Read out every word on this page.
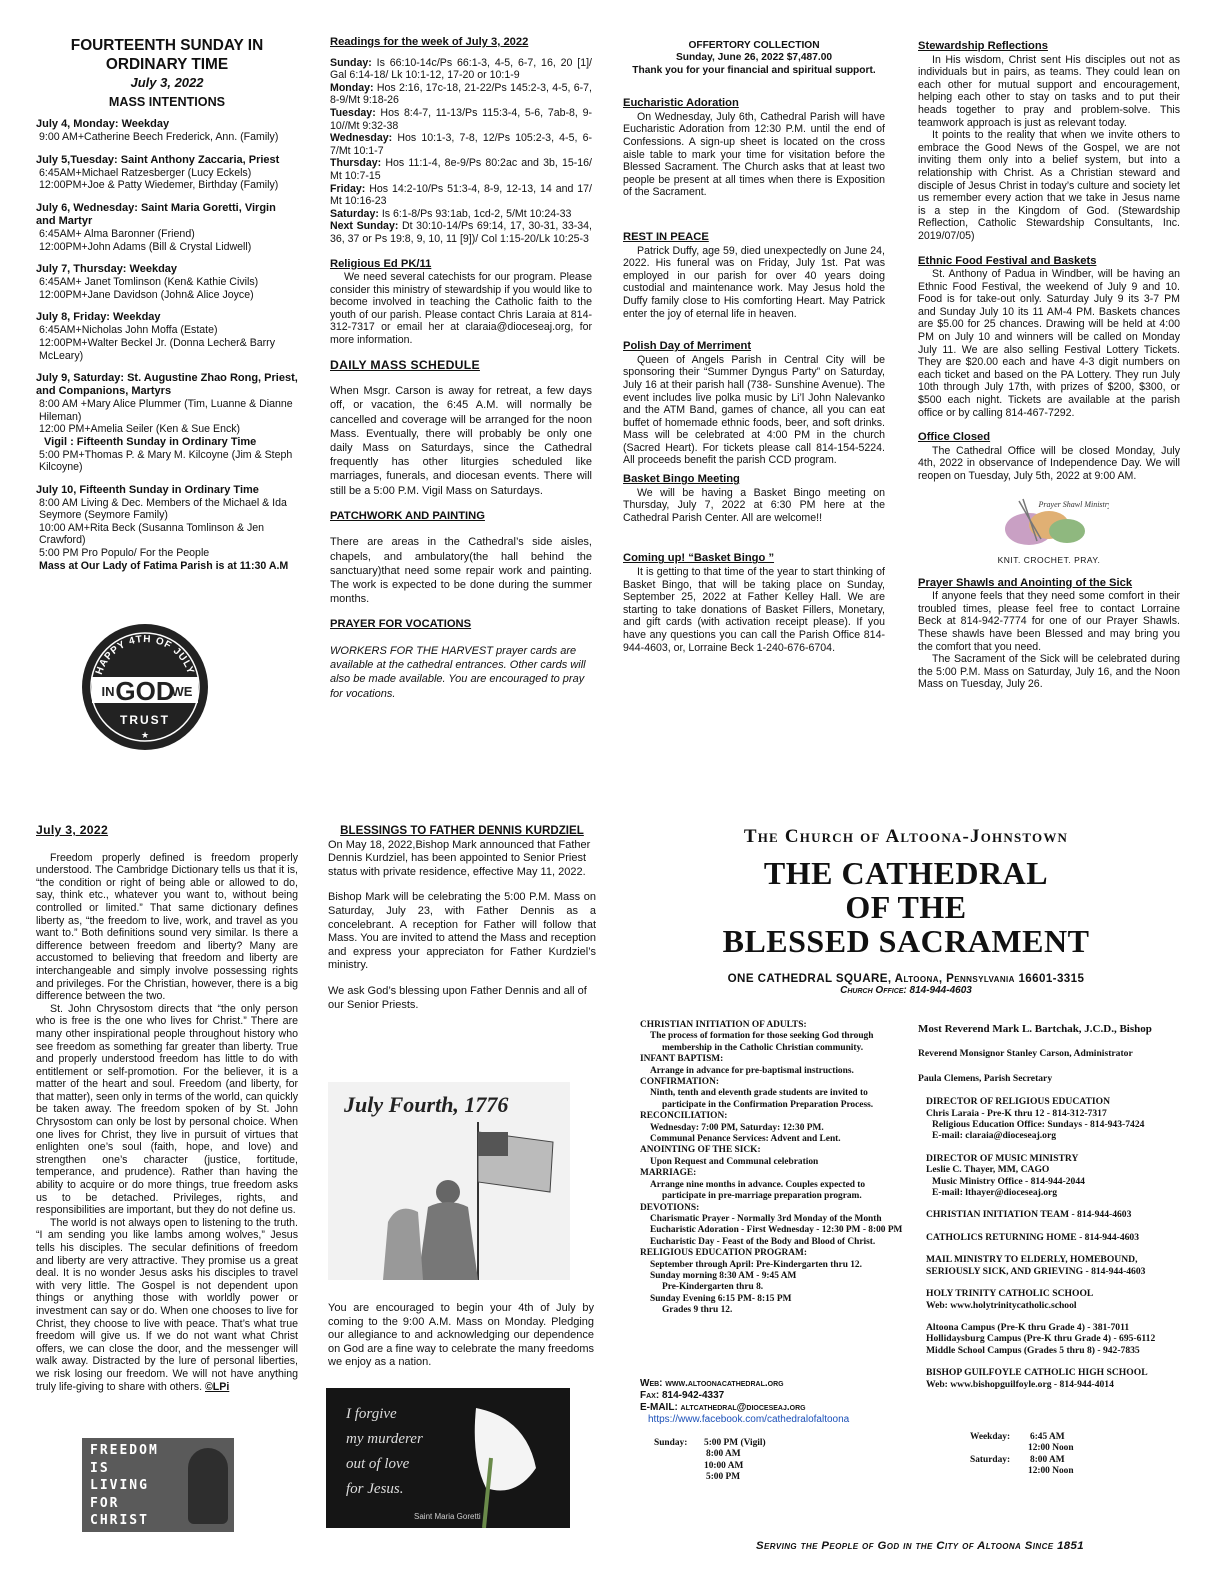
FOURTEENTH SUNDAY IN
ORDINARY TIME
July 3, 2022
MASS INTENTIONS
July 4, Monday: Weekday
9:00 AM+Catherine Beech Frederick, Ann. (Family)
July 5,Tuesday: Saint Anthony Zaccaria, Priest
6:45AM+Michael Ratzesberger (Lucy Eckels)
12:00PM+Joe & Patty Wiedemer, Birthday (Family)
July 6, Wednesday: Saint Maria Goretti, Virgin and Martyr
6:45AM+ Alma Baronner (Friend)
12:00PM+John Adams (Bill & Crystal Lidwell)
July 7, Thursday: Weekday
6:45AM+ Janet Tomlinson (Ken& Kathie Civils)
12:00PM+Jane Davidson (John& Alice Joyce)
July 8, Friday: Weekday
6:45AM+Nicholas John Moffa (Estate)
12:00PM+Walter Beckel Jr. (Donna Lecher& Barry McLeary)
July 9, Saturday: St. Augustine Zhao Rong, Priest, and Companions, Martyrs
8:00 AM +Mary Alice Plummer (Tim, Luanne & Dianne Hileman)
12:00 PM+Amelia Seiler (Ken & Sue Enck)
Vigil : Fifteenth Sunday in Ordinary Time
5:00 PM+Thomas P. & Mary M. Kilcoyne (Jim & Steph Kilcoyne)
July 10, Fifteenth Sunday in Ordinary Time
8:00 AM Living & Dec. Members of the Michael & Ida Seymore (Seymore Family)
10:00 AM+Rita Beck (Susanna Tomlinson & Jen Crawford)
5:00 PM Pro Populo/ For the People
Mass at Our Lady of Fatima Parish is at 11:30 A.M
HAPPY 4TH OF JULY
IN GOD
WE
TRUST
★
Readings for the week of July 3, 2022

Sunday: Is 66:10-14c/Ps 66:1-3, 4-5, 6-7, 16, 20 [1]/ Gal 6:14-18/ Lk 10:1-12, 17-20 or 10:1-9

Monday: Hos 2:16, 17c-18, 21-22/Ps 145:2-3, 4-5, 6-7, 8-9/Mt 9:18-26

Tuesday: Hos 8:4-7, 11-13/Ps 115:3-4, 5-6, 7ab-8, 9-10//Mt 9:32-38

Wednesday: Hos 10:1-3, 7-8, 12/Ps 105:2-3, 4-5, 6-7/Mt 10:1-7

Thursday: Hos 11:1-4, 8e-9/Ps 80:2ac and 3b, 15-16/ Mt 10:7-15

Friday: Hos 14:2-10/Ps 51:3-4, 8-9, 12-13, 14 and 17/ Mt 10:16-23

Saturday: Is 6:1-8/Ps 93:1ab, 1cd-2, 5/Mt 10:24-33

Next Sunday: Dt 30:10-14/Ps 69:14, 17, 30-31, 33-34, 36, 37 or Ps 19:8, 9, 10, 11 [9])/ Col 1:15-20/Lk 10:25-3

Religious Ed PK/11

We need several catechists for our program. Please consider this ministry of stewardship if you would like to become involved in teaching the Catholic faith to the youth of our parish. Please contact Chris Laraia at 814-312-7317 or email her at claraia@dioceseaj.org, for more information.

DAILY MASS SCHEDULE

When Msgr. Carson is away for retreat, a few days off, or vacation, the 6:45 A.M. will normally be cancelled and coverage will be arranged for the noon Mass. Eventually, there will probably be only one daily Mass on Saturdays, since the Cathedral frequently has other liturgies scheduled like marriages, funerals, and diocesan events. There will still be a 5:00 P.M. Vigil Mass on Saturdays.

PATCHWORK AND PAINTING

There are areas in the Cathedral’s side aisles, chapels, and ambulatory(the hall behind the sanctuary)that need some repair work and painting. The work is expected to be done during the summer months.

PRAYER FOR VOCATIONS

WORKERS FOR THE HARVEST prayer cards are available at the cathedral entrances. Other cards will also be made available. You are encouraged to pray for vocations.

OFFERTORY COLLECTION
Sunday, June 26, 2022 $7,487.00
Thank you for your financial and spiritual support.
Eucharistic Adoration

On Wednesday, July 6th, Cathedral Parish will have Eucharistic Adoration from 12:30 P.M. until the end of Confessions. A sign-up sheet is located on the cross aisle table to mark your time for visitation before the Blessed Sacrament. The Church asks that at least two people be present at all times when there is Exposition of the Sacrament.

REST IN PEACE

Patrick Duffy, age 59, died unexpectedly on June 24, 2022. His funeral was on Friday, July 1st. Pat was employed in our parish for over 40 years doing custodial and maintenance work. May Jesus hold the Duffy family close to His comforting Heart. May Patrick enter the joy of eternal life in heaven.

Polish Day of Merriment

Queen of Angels Parish in Central City will be sponsoring their “Summer Dyngus Party” on Saturday, July 16 at their parish hall (738- Sunshine Avenue). The event includes live polka music by Li’l John Nalevanko and the ATM Band, games of chance, all you can eat buffet of homemade ethnic foods, beer, and soft drinks. Mass will be celebrated at 4:00 PM in the church (Sacred Heart). For tickets please call 814-154-5224. All proceeds benefit the parish CCD program.

Basket Bingo Meeting

We will be having a Basket Bingo meeting on Thursday, July 7, 2022 at 6:30 PM here at the Cathedral Parish Center. All are welcome!!

Coming up! “Basket Bingo ”

It is getting to that time of the year to start thinking of Basket Bingo, that will be taking place on Sunday, September 25, 2022 at Father Kelley Hall. We are starting to take donations of Basket Fillers, Monetary, and gift cards (with activation receipt please). If you have any questions you can call the Parish Office 814-944-4603, or, Lorraine Beck 1-240-676-6704.

Stewardship Reflections

In His wisdom, Christ sent His disciples out not as individuals but in pairs, as teams. They could lean on each other for mutual support and encouragement, helping each other to stay on tasks and to put their heads together to pray and problem-solve. This teamwork approach is just as relevant today.

It points to the reality that when we invite others to embrace the Good News of the Gospel, we are not inviting them only into a belief system, but into a relationship with Christ. As a Christian steward and disciple of Jesus Christ in today’s culture and society let us remember every action that we take in Jesus name is a step in the Kingdom of God. (Stewardship Reflection, Catholic Stewardship Consultants, Inc. 2019/07/05)

Ethnic Food Festival and Baskets

St. Anthony of Padua in Windber, will be having an Ethnic Food Festival, the weekend of July 9 and 10. Food is for take-out only. Saturday July 9 its 3-7 PM and Sunday July 10 its 11 AM-4 PM. Baskets chances are $5.00 for 25 chances. Drawing will be held at 4:00 PM on July 10 and winners will be called on Monday July 11. We are also selling Festival Lottery Tickets. They are $20.00 each and have 4-3 digit numbers on each ticket and based on the PA Lottery. They run July 10th through July 17th, with prizes of $200, $300, or $500 each night. Tickets are available at the parish office or by calling 814-467-7292.

Office Closed

The Cathedral Office will be closed Monday, July 4th, 2022 in observance of Independence Day. We will reopen on Tuesday, July 5th, 2022 at 9:00 AM.

Prayer Shawl Ministry
KNIT. CROCHET. PRAY.
Prayer Shawls and Anointing of the Sick

If anyone feels that they need some comfort in their troubled times, please feel free to contact Lorraine Beck at 814-942-7774 for one of our Prayer Shawls. These shawls have been Blessed and may bring you the comfort that you need.

The Sacrament of the Sick will be celebrated during the 5:00 P.M. Mass on Saturday, July 16, and the Noon Mass on Tuesday, July 26.

July 3, 2022

Freedom properly defined is freedom properly understood. The Cambridge Dictionary tells us that it is, “the condition or right of being able or allowed to do, say, think etc., whatever you want to, without being controlled or limited.” That same dictionary defines liberty as, “the freedom to live, work, and travel as you want to.” Both definitions sound very similar. Is there a difference between freedom and liberty? Many are accustomed to believing that freedom and liberty are interchangeable and simply involve possessing rights and privileges. For the Christian, however, there is a big difference between the two.

St. John Chrysostom directs that “the only person who is free is the one who lives for Christ.” There are many other inspirational people throughout history who see freedom as something far greater than liberty. True and properly understood freedom has little to do with entitlement or self-promotion. For the believer, it is a matter of the heart and soul. Freedom (and liberty, for that matter), seen only in terms of the world, can quickly be taken away. The freedom spoken of by St. John Chrysostom can only be lost by personal choice. When one lives for Christ, they live in pursuit of virtues that enlighten one’s soul (faith, hope, and love) and strengthen one’s character (justice, fortitude, temperance, and prudence). Rather than having the ability to acquire or do more things, true freedom asks us to be detached. Privileges, rights, and responsibilities are important, but they do not define us.

The world is not always open to listening to the truth. “I am sending you like lambs among wolves,” Jesus tells his disciples. The secular definitions of freedom and liberty are very attractive. They promise us a great deal. It is no wonder Jesus asks his disciples to travel with very little. The Gospel is not dependent upon things or anything those with worldly power or investment can say or do. When one chooses to live for Christ, they choose to live with peace. That’s what true freedom will give us. If we do not want what Christ offers, we can close the door, and the messenger will walk away. Distracted by the lure of personal liberties, we risk losing our freedom. We will not have anything truly life-giving to share with others. ©LPi

FREEDOM
IS
LIVING
FOR
CHRIST
BLESSINGS TO FATHER DENNIS KURDZIEL

On May 18, 2022,Bishop Mark announced that Father Dennis Kurdziel, has been appointed to Senior Priest status with private residence, effective May 11, 2022.

Bishop Mark will be celebrating the 5:00 P.M. Mass on Saturday, July 23, with Father Dennis as a concelebrant. A reception for Father will follow that Mass. You are invited to attend the Mass and reception and express your appreciaton for Father Kurdziel’s ministry.

We ask God’s blessing upon Father Dennis and all of our Senior Priests.

July Fourth, 1776

You are encouraged to begin your 4th of July by coming to the 9:00 A.M. Mass on Monday. Pledging our allegiance to and acknowledging our dependence on God are a fine way to celebrate the many freedoms we enjoy as a nation.

I forgive
my murderer
out of love
for Jesus.
Saint Maria Goretti
The Church of Altoona-Johnstown
THE CATHEDRAL
OF THE
BLESSED SACRAMENT
ONE CATHEDRAL SQUARE, Altoona, Pennsylvania 16601-3315
Church Office: 814-944-4603
CHRISTIAN INITIATION OF ADULTS:
The process of formation for those seeking God through
membership in the Catholic Christian community.
INFANT BAPTISM:
Arrange in advance for pre-baptismal instructions.
CONFIRMATION:
Ninth, tenth and eleventh grade students are invited to
participate in the Confirmation Preparation Process.
RECONCILIATION:
Wednesday: 7:00 PM, Saturday: 12:30 PM.
Communal Penance Services: Advent and Lent.
ANOINTING OF THE SICK:
Upon Request and Communal celebration
MARRIAGE:
Arrange nine months in advance. Couples expected to
participate in pre-marriage preparation program.
DEVOTIONS:
Charismatic Prayer - Normally 3rd Monday of the Month
Eucharistic Adoration - First Wednesday - 12:30 PM - 8:00 PM
Eucharistic Day - Feast of the Body and Blood of Christ.
RELIGIOUS EDUCATION PROGRAM:
September through April: Pre-Kindergarten thru 12.
Sunday morning 8:30 AM - 9:45 AM
Pre-Kindergarten thru 8.
Sunday Evening 6:15 PM- 8:15 PM
Grades 9 thru 12.
Web: www.altoonacathedral.org
Fax: 814-942-4337
E-MAIL: altcathedral@dioceseaj.org
https://www.facebook.com/cathedralofaltoona
Sunday:	5:00 PM (Vigil)
8:00 AM
10:00 AM
5:00 PM
Weekday:	6:45 AM
12:00 Noon
Saturday:	8:00 AM
12:00 Noon
Most Reverend Mark L. Bartchak, J.C.D., Bishop
Reverend Monsignor Stanley Carson, Administrator
Paula Clemens, Parish Secretary
DIRECTOR OF RELIGIOUS EDUCATION
Chris Laraia - Pre-K thru 12 - 814-312-7317
Religious Education Office: Sundays - 814-943-7424
E-mail: claraia@dioceseaj.org
DIRECTOR OF MUSIC MINISTRY
Leslie C. Thayer, MM, CAGO
Music Ministry Office - 814-944-2044
E-mail: lthayer@dioceseaj.org
CHRISTIAN INITIATION TEAM - 814-944-4603
CATHOLICS RETURNING HOME - 814-944-4603
MAIL MINISTRY TO ELDERLY, HOMEBOUND,
SERIOUSLY SICK, AND GRIEVING - 814-944-4603
HOLY TRINITY CATHOLIC SCHOOL
Web: www.holytrinitycatholic.school
Altoona Campus (Pre-K thru Grade 4) - 381-7011
Hollidaysburg Campus (Pre-K thru Grade 4) - 695-6112
Middle School Campus (Grades 5 thru 8) - 942-7835
BISHOP GUILFOYLE CATHOLIC HIGH SCHOOL
Web: www.bishopguilfoyle.org - 814-944-4014
Serving the People of God in the City of Altoona Since 1851
